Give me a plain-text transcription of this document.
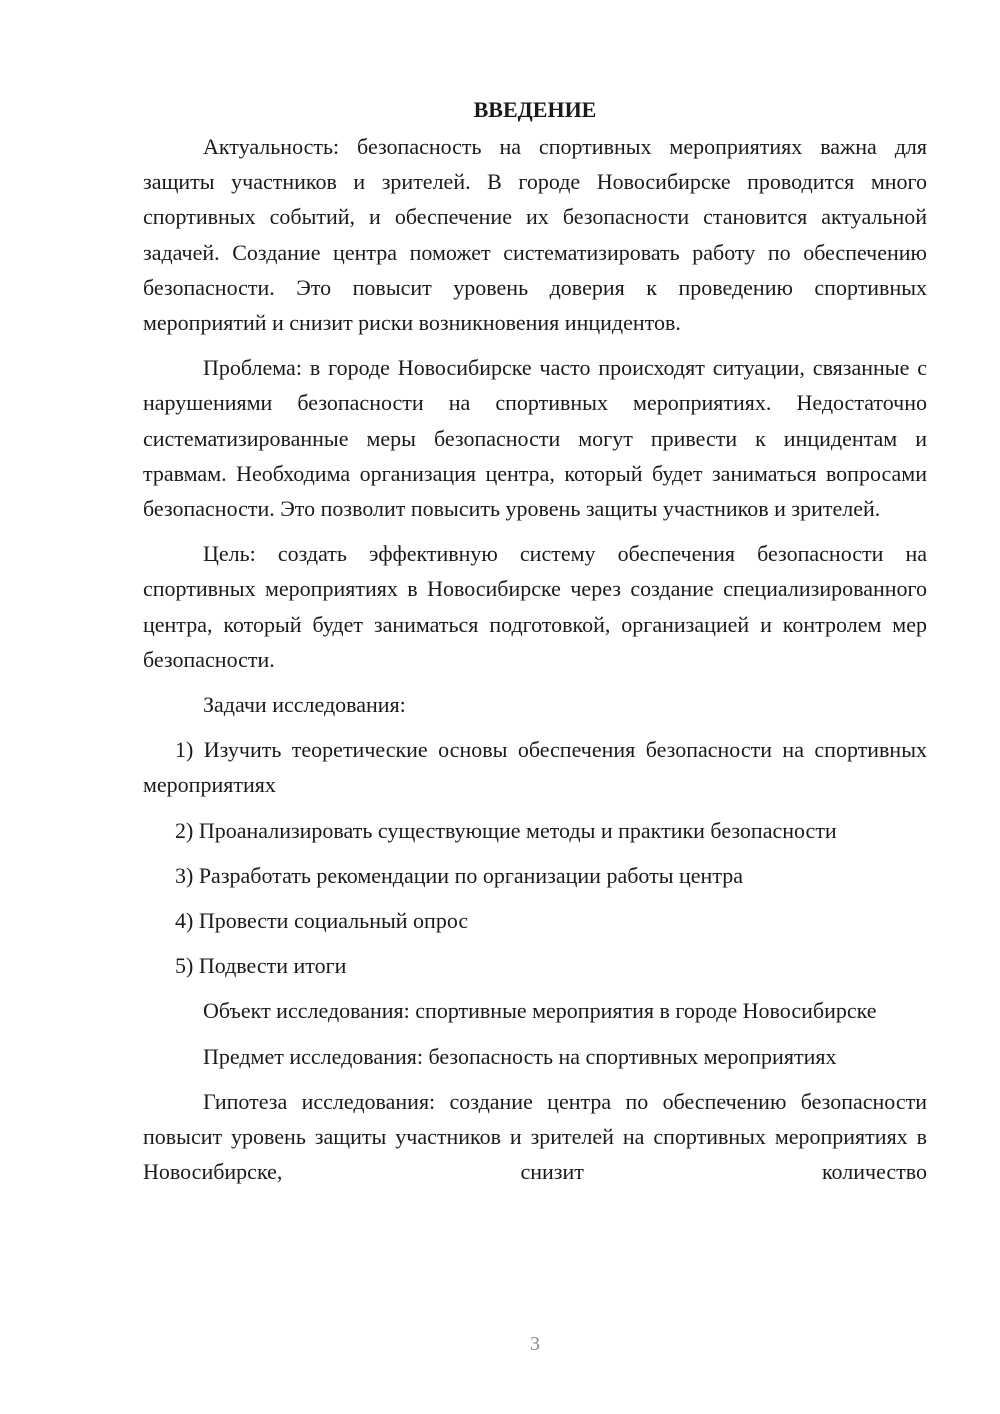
ВВЕДЕНИЕ

Актуальность: безопасность на спортивных мероприятиях важна для защиты участников и зрителей. В городе Новосибирске проводится много спортивных событий, и обеспечение их безопасности становится актуальной задачей. Создание центра поможет систематизировать работу по обеспечению безопасности. Это повысит уровень доверия к проведению спортивных мероприятий и снизит риски возникновения инцидентов.

Проблема: в городе Новосибирске часто происходят ситуации, связанные с нарушениями безопасности на спортивных мероприятиях. Недостаточно систематизированные меры безопасности могут привести к инцидентам и травмам. Необходима организация центра, который будет заниматься вопросами безопасности. Это позволит повысить уровень защиты участников и зрителей.

Цель: создать эффективную систему обеспечения безопасности на спортивных мероприятиях в Новосибирске через создание специализированного центра, который будет заниматься подготовкой, организацией и контролем мер безопасности.

Задачи исследования:

1) Изучить теоретические основы обеспечения безопасности на спортивных мероприятиях

2) Проанализировать существующие методы и практики безопасности

3) Разработать рекомендации по организации работы центра

4) Провести социальный опрос

5) Подвести итоги

Объект исследования: спортивные мероприятия в городе Новосибирске

Предмет исследования: безопасность на спортивных мероприятиях

Гипотеза исследования: создание центра по обеспечению безопасности повысит уровень защиты участников и зрителей на спортивных мероприятиях в Новосибирске, снизит количество

3
